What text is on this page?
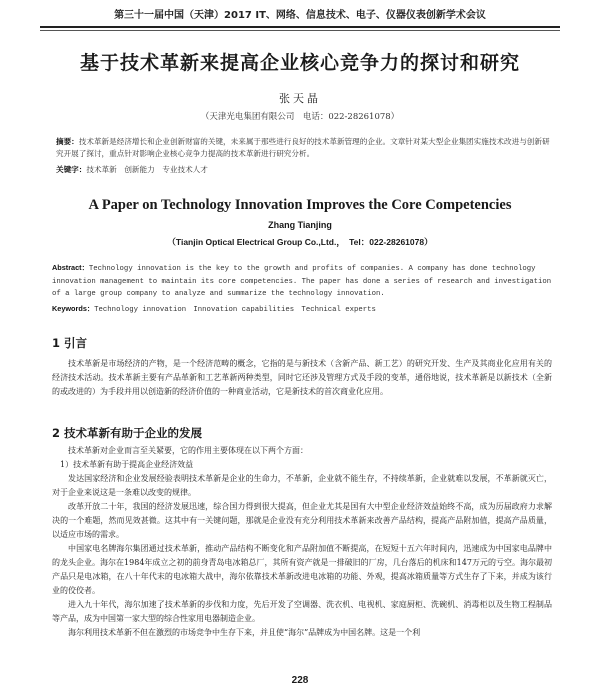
第三十一届中国（天津）2017 IT、网络、信息技术、电子、仪器仪表创新学术会议
基于技术革新来提高企业核心竞争力的探讨和研究
张天晶
（天津光电集团有限公司　电话：022-28261078）
摘要：技术革新是经济增长和企业创新财富的关键，未来属于那些进行良好的技术革新管理的企业。文章针对某大型企业集团实施技术改进与创新研究开展了探讨，重点针对影响企业核心竞争力提高的技术革新进行研究分析。
关键字：技术革新　创新能力　专业技术人才
A Paper on Technology Innovation Improves the Core Competencies
Zhang Tianjing
（Tianjin Optical Electrical Group Co.,Ltd.，　Tel：022-28261078）
Abstract：Technology innovation is the key to the growth and profits of companies. A company has done technology innovation management to maintain its core competencies. The paper has done a series of research and investigation of a large group company to analyze and summarize the technology innovation.
Keywords：Technology innovation　Innovation capabilities　Technical experts
1 引言

技术革新是市场经济的产物，是一个经济范畴的概念，它指的是与新技术（含新产品、新工艺）的研究开发、生产及其商业化应用有关的经济技术活动。技术革新主要有产品革新和工艺革新两种类型，同时它还涉及管理方式及手段的变革，通俗地说，技术革新是以新技术（全新的或改进的）为手段并用以创造新的经济价值的一种商业活动，它是新技术的首次商业化应用。

2 技术革新有助于企业的发展

技术革新对企业而言至关紧要，它的作用主要体现在以下两个方面：

1）技术革新有助于提高企业经济效益

发达国家经济和企业发展经验表明技术革新是企业的生命力，不革新，企业就不能生存，不持续革新，企业就难以发展，不革新就灭亡，对于企业来说这是一条难以改变的规律。

改革开放二十年，我国的经济发展迅速，综合国力得到很大提高，但企业尤其是国有大中型企业经济效益始终不高，成为历届政府力求解决的一个难题，然而见效甚微。这其中有一关键问题，那就是企业没有充分利用技术革新来改善产品结构，提高产品附加值，提高产品质量，以适应市场的需求。

中国家电名牌海尔集团通过技术革新，推动产品结构不断变化和产品附加值不断提高，在短短十五六年时间内，迅速成为中国家电品牌中的龙头企业。海尔在1984年成立之初的前身青岛电冰箱总厂，其所有资产就是一排破旧的厂房，几台落后的机床和147万元的亏空。海尔最初产品只是电冰箱，在八十年代末的电冰箱大战中，海尔依靠技术革新改进电冰箱的功能、外观，提高冰箱质量等方式生存了下来，并成为该行业的佼佼者。

进入九十年代，海尔加速了技术革新的步伐和力度，先后开发了空调器、洗衣机、电视机、家庭厨柜、洗碗机、消毒柜以及生物工程制品等产品，成为中国第一家大型的综合性家用电器制造企业。

海尔利用技术革新不但在激烈的市场竞争中生存下来，并且使“海尔”品牌成为中国名牌。这是一个利

228
